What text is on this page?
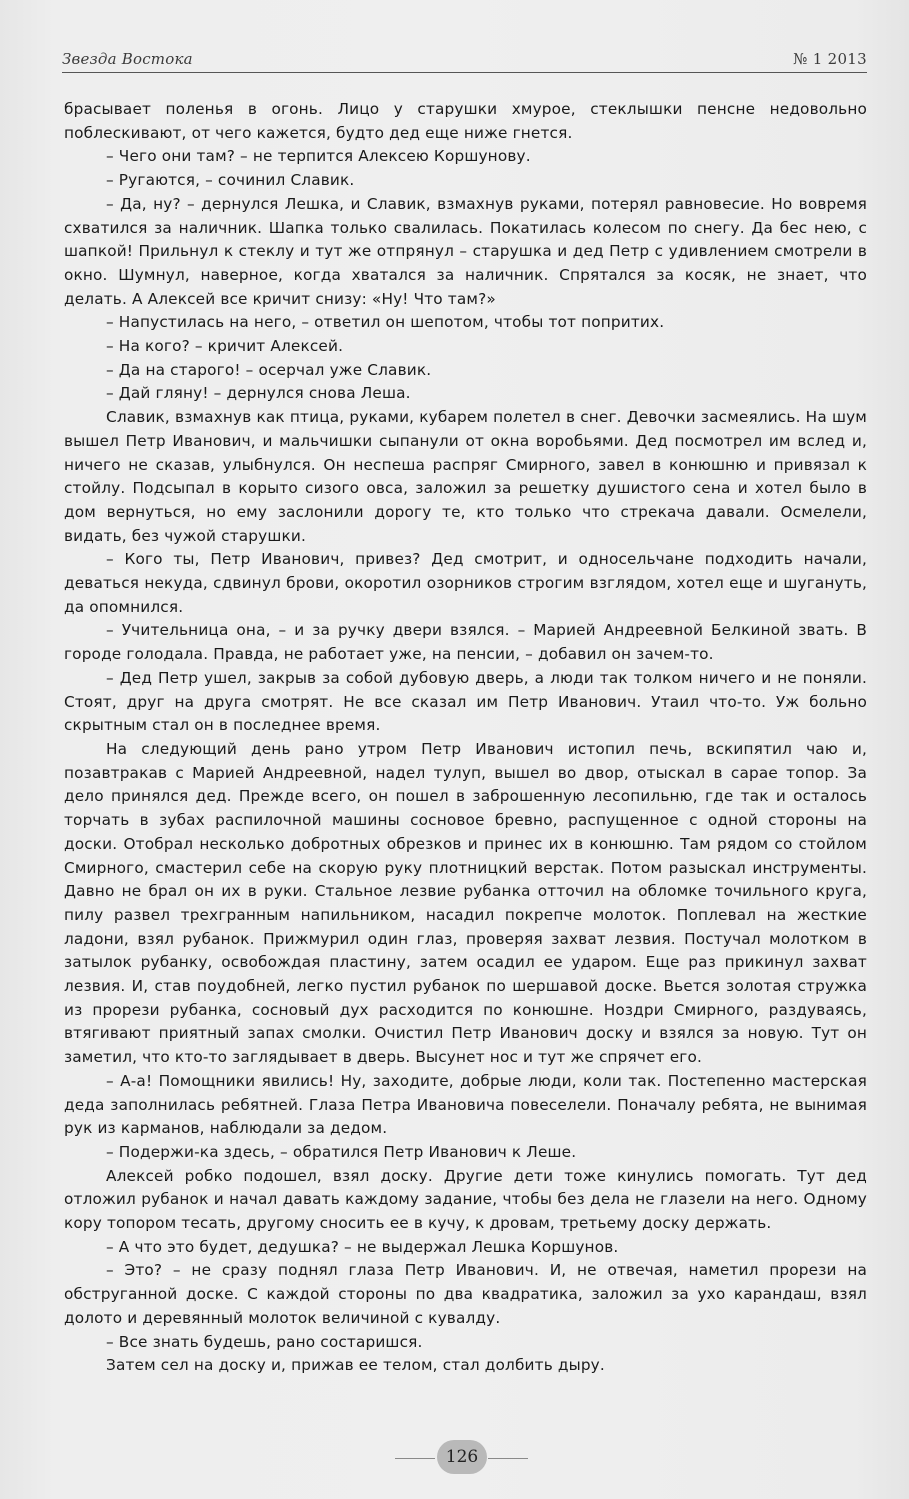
Звезда Востока	№ 1 2013

брасывает поленья в огонь. Лицо у старушки хмурое, стеклышки пенсне недовольно поблескивают, от чего кажется, будто дед еще ниже гнется.

– Чего они там? – не терпится Алексею Коршунову.

– Ругаются, – сочинил Славик.

– Да, ну? – дернулся Лешка, и Славик, взмахнув руками, потерял равновесие. Но вовремя схватился за наличник. Шапка только свалилась. Покатилась колесом по снегу. Да бес нею, с шапкой! Прильнул к стеклу и тут же отпрянул – старушка и дед Петр с удивлением смотрели в окно. Шумнул, наверное, когда хватался за наличник. Спрятался за косяк, не знает, что делать. А Алексей все кричит снизу: «Ну! Что там?»

– Напустилась на него, – ответил он шепотом, чтобы тот попритих.

– На кого? – кричит Алексей.

– Да на старого! – осерчал уже Славик.

– Дай гляну! – дернулся снова Леша.

Славик, взмахнув как птица, руками, кубарем полетел в снег. Девочки засмеялись. На шум вышел Петр Иванович, и мальчишки сыпанули от окна воробьями. Дед посмотрел им вслед и, ничего не сказав, улыбнулся. Он неспеша распряг Смирного, завел в конюшню и привязал к стойлу. Подсыпал в корыто сизого овса, заложил за решетку душистого сена и хотел было в дом вернуться, но ему заслонили дорогу те, кто только что стрекача давали. Осмелели, видать, без чужой старушки.

– Кого ты, Петр Иванович, привез? Дед смотрит, и односельчане подходить начали, деваться некуда, сдвинул брови, окоротил озорников строгим взглядом, хотел еще и шугануть, да опомнился.

– Учительница она, – и за ручку двери взялся. – Марией Андреевной Белкиной звать. В городе голодала. Правда, не работает уже, на пенсии, – добавил он зачем-то.

– Дед Петр ушел, закрыв за собой дубовую дверь, а люди так толком ничего и не поняли. Стоят, друг на друга смотрят. Не все сказал им Петр Иванович. Утаил что-то. Уж больно скрытным стал он в последнее время.

На следующий день рано утром Петр Иванович истопил печь, вскипятил чаю и, позавтракав с Марией Андреевной, надел тулуп, вышел во двор, отыскал в сарае топор. За дело принялся дед. Прежде всего, он пошел в заброшенную лесопильню, где так и осталось торчать в зубах распилочной машины сосновое бревно, распущенное с одной стороны на доски. Отобрал несколько добротных обрезков и принес их в конюшню. Там рядом со стойлом Смирного, смастерил себе на скорую руку плотницкий верстак. Потом разыскал инструменты. Давно не брал он их в руки. Стальное лезвие рубанка отточил на обломке точильного круга, пилу развел трехгранным напильником, насадил покрепче молоток. Поплевал на жесткие ладони, взял рубанок. Прижмурил один глаз, проверяя захват лезвия. Постучал молотком в затылок рубанку, освобождая пластину, затем осадил ее ударом. Еще раз прикинул захват лезвия. И, став поудобней, легко пустил рубанок по шершавой доске. Вьется золотая стружка из прорези рубанка, сосновый дух расходится по конюшне. Ноздри Смирного, раздуваясь, втягивают приятный запах смолки. Очистил Петр Иванович доску и взялся за новую. Тут он заметил, что кто-то заглядывает в дверь. Высунет нос и тут же спрячет его.

– А-а! Помощники явились! Ну, заходите, добрые люди, коли так. Постепенно мастерская деда заполнилась ребятней. Глаза Петра Ивановича повеселели. Поначалу ребята, не вынимая рук из карманов, наблюдали за дедом.

– Подержи-ка здесь, – обратился Петр Иванович к Леше.

Алексей робко подошел, взял доску. Другие дети тоже кинулись помогать. Тут дед отложил рубанок и начал давать каждому задание, чтобы без дела не глазели на него. Одному кору топором тесать, другому сносить ее в кучу, к дровам, третьему доску держать.

– А что это будет, дедушка? – не выдержал Лешка Коршунов.

– Это? – не сразу поднял глаза Петр Иванович. И, не отвечая, наметил прорези на обструганной доске. С каждой стороны по два квадратика, заложил за ухо карандаш, взял долото и деревянный молоток величиной с кувалду.

– Все знать будешь, рано состаришся.

Затем сел на доску и, прижав ее телом, стал долбить дыру.

126
